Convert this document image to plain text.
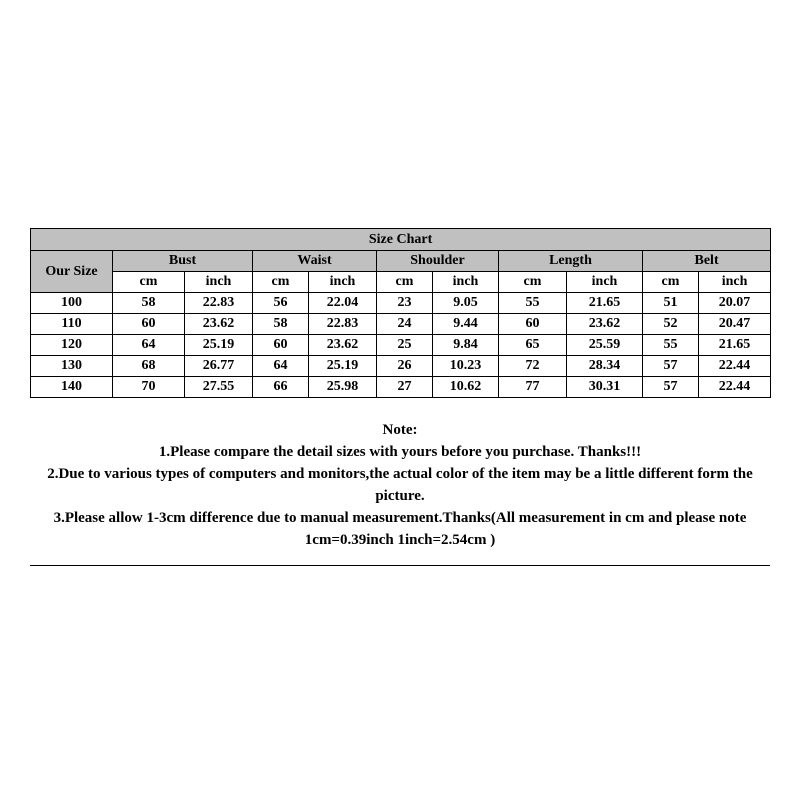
Size Chart										
Our Size	Bust		Waist		Shoulder		Length		Belt	
	cm	inch	cm	inch	cm	inch	cm	inch	cm	inch
100	58	22.83	56	22.04	23	9.05	55	21.65	51	20.07
110	60	23.62	58	22.83	24	9.44	60	23.62	52	20.47
120	64	25.19	60	23.62	25	9.84	65	25.59	55	21.65
130	68	26.77	64	25.19	26	10.23	72	28.34	57	22.44
140	70	27.55	66	25.98	27	10.62	77	30.31	57	22.44

Note:

1.Please compare the detail sizes with yours before you purchase. Thanks!!!

2.Due to various types of computers and monitors,the actual color of the item may be a little different form the picture.

3.Please allow 1-3cm difference due to manual measurement.Thanks(All measurement in cm and please note 1cm=0.39inch 1inch=2.54cm )
